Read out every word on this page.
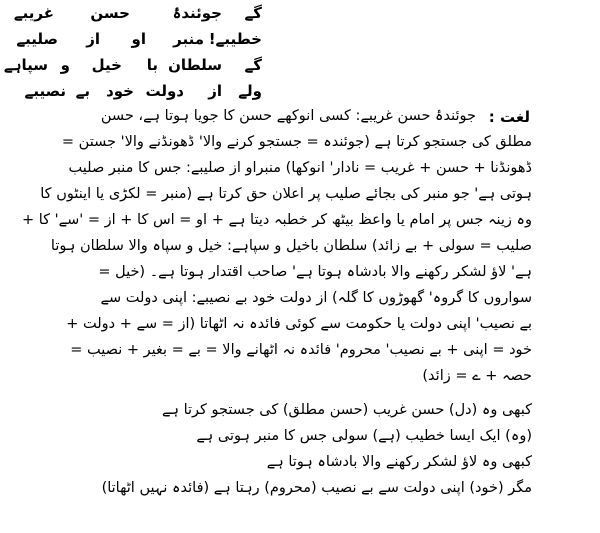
گے
جوئندۂ
حسن
غریبے
خطیبے!
منبر
او
از
صلیبے
گے
سلطان
با
خیل
و
سپاہے
ولے
از
دولت
خود
بے
نصیبے
لغت :
جوئندۂ حسن غریبے: کسی انوکھے حسن کا جویا ہوتا ہے، حسن
مطلق کی جستجو کرتا ہے (جوئندہ = جستجو کرنے والا' ڈھونڈنے والا' جستن =
ڈھونڈنا + حسن + غریب = نادار' انوکھا) منبراو از صلیبے: جس کا منبر صلیب
ہوتی ہے' جو منبر کی بجائے صلیب پر اعلان حق کرتا ہے (منبر = لکڑی یا اینٹوں کا
وہ زینہ جس پر امام یا واعظ بیٹھ کر خطبہ دیتا ہے + او = اس کا + از = 'سے' کا +
صلیب = سولی + بے زائد) سلطان باخیل و سپاہے: خیل و سپاہ والا سلطان ہوتا
ہے' لاؤ لشکر رکھنے والا بادشاہ ہوتا ہے' صاحب اقتدار ہوتا ہے۔ (خیل =
سواروں کا گروہ' گھوڑوں کا گلہ) از دولت خود بے نصیبے: اپنی دولت سے
بے نصیب' اپنی دولت یا حکومت سے کوئی فائدہ نہ اٹھاتا (از = سے + دولت +
خود = اپنی + بے نصیب' محروم' فائدہ نہ اٹھانے والا = بے = بغیر + نصیب =
حصہ + ے = زائد)
کبھی وہ (دل) حسن غریب (حسن مطلق) کی جستجو کرتا ہے
(وہ) ایک ایسا خطیب (ہے) سولی جس کا منبر ہوتی ہے
کبھی وہ لاؤ لشکر رکھنے والا بادشاہ ہوتا ہے
مگر (خود) اپنی دولت سے بے نصیب (محروم) رہتا ہے (فائدہ نہیں اٹھاتا)
